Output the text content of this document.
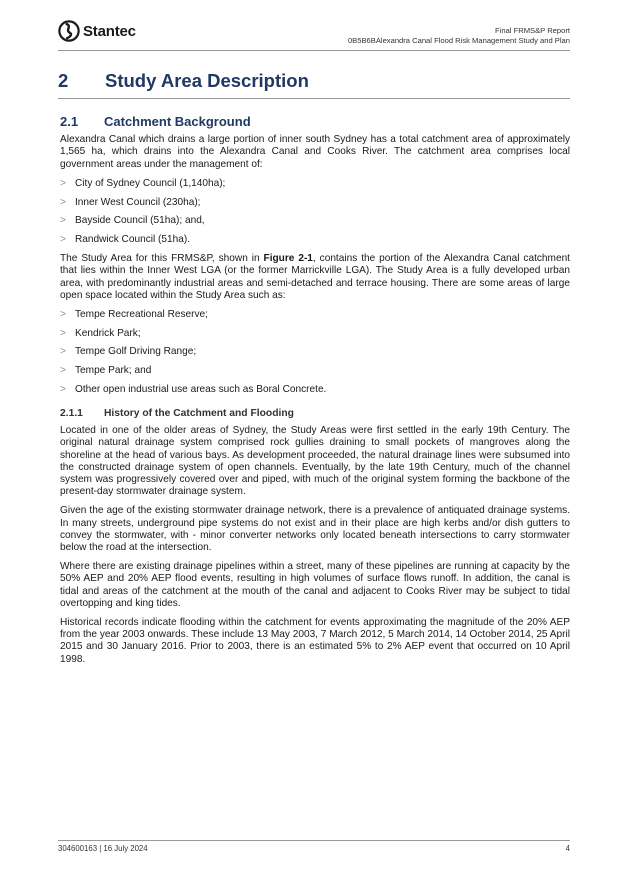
Stantec	Final FRMS&P Report
0B5B6BAlexandra Canal Flood Risk Management Study and Plan
2 Study Area Description
2.1 Catchment Background

Alexandra Canal which drains a large portion of inner south Sydney has a total catchment area of approximately 1,565 ha, which drains into the Alexandra Canal and Cooks River. The catchment area comprises local government areas under the management of:

> City of Sydney Council (1,140ha);
> Inner West Council (230ha);
> Bayside Council (51ha); and,
> Randwick Council (51ha).

The Study Area for this FRMS&P, shown in Figure 2-1, contains the portion of the Alexandra Canal catchment that lies within the Inner West LGA (or the former Marrickville LGA). The Study Area is a fully developed urban area, with predominantly industrial areas and semi-detached and terrace housing. There are some areas of large open space located within the Study Area such as:

> Tempe Recreational Reserve;
> Kendrick Park;
> Tempe Golf Driving Range;
> Tempe Park; and
> Other open industrial use areas such as Boral Concrete.
2.1.1 History of the Catchment and Flooding

Located in one of the older areas of Sydney, the Study Areas were first settled in the early 19th Century. The original natural drainage system comprised rock gullies draining to small pockets of mangroves along the shoreline at the head of various bays. As development proceeded, the natural drainage lines were subsumed into the constructed drainage system of open channels. Eventually, by the late 19th Century, much of the channel system was progressively covered over and piped, with much of the original system forming the backbone of the present-day stormwater drainage system.

Given the age of the existing stormwater drainage network, there is a prevalence of antiquated drainage systems. In many streets, underground pipe systems do not exist and in their place are high kerbs and/or dish gutters to convey the stormwater, with - minor converter networks only located beneath intersections to carry stormwater below the road at the intersection.

Where there are existing drainage pipelines within a street, many of these pipelines are running at capacity by the 50% AEP and 20% AEP flood events, resulting in high volumes of surface flows runoff. In addition, the canal is tidal and areas of the catchment at the mouth of the canal and adjacent to Cooks River may be subject to tidal overtopping and king tides.

Historical records indicate flooding within the catchment for events approximating the magnitude of the 20% AEP from the year 2003 onwards. These include 13 May 2003, 7 March 2012, 5 March 2014, 14 October 2014, 25 April 2015 and 30 January 2016. Prior to 2003, there is an estimated 5% to 2% AEP event that occurred on 10 April 1998.

304600163 | 16 July 2024	4
